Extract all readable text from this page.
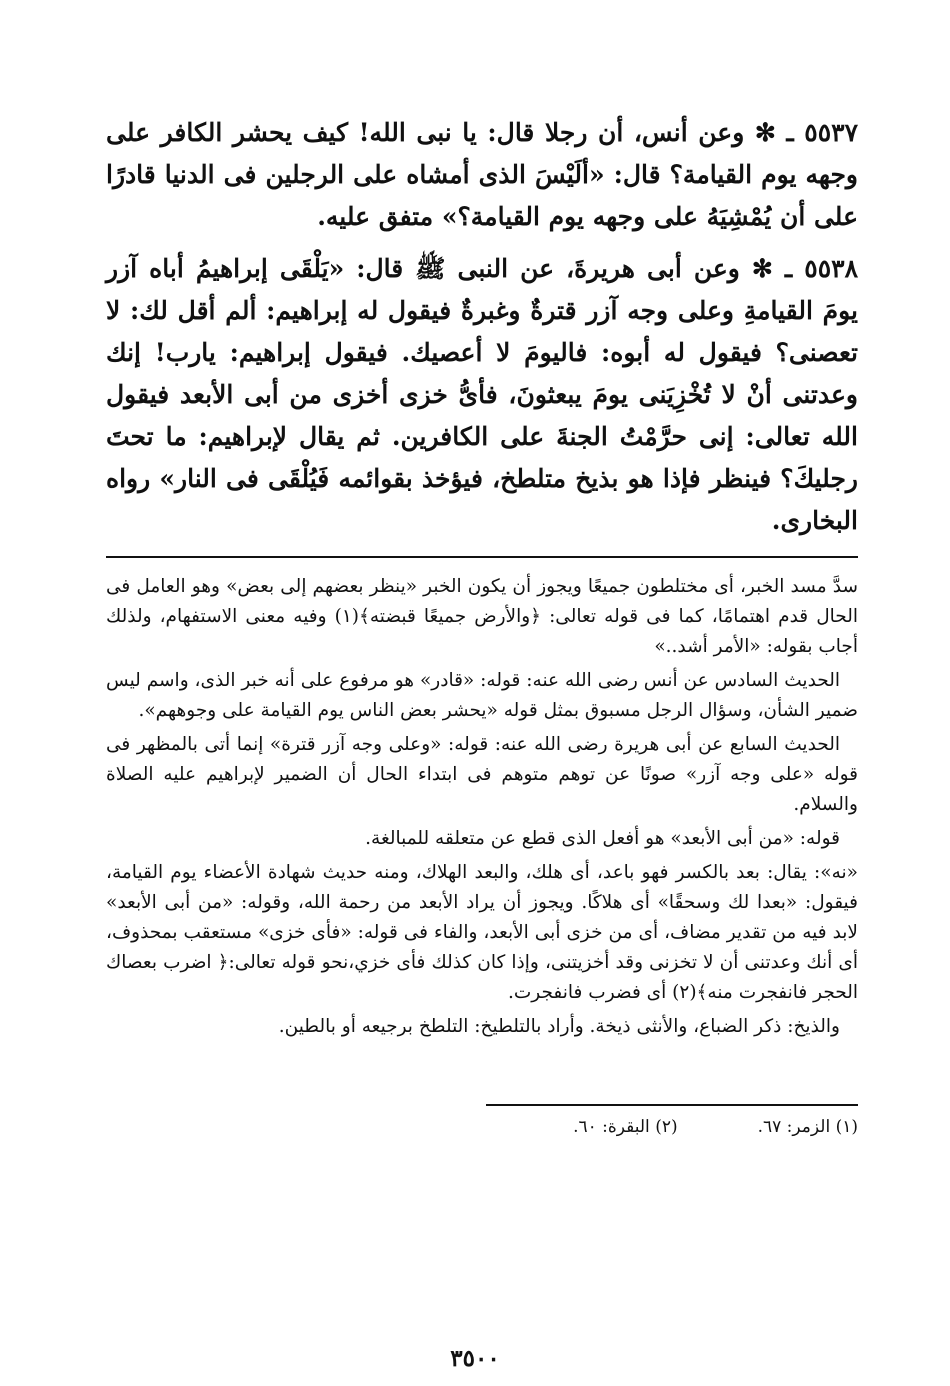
٥٥٣٧ ـ ✻ وعن أنس، أن رجلا قال: يا نبى الله! كيف يحشر الكافر على وجهه يوم القيامة؟ قال: «ألَيْسَ الذى أمشاه على الرجلين فى الدنيا قادرًا على أن يُمْشِيَهُ على وجهه يوم القيامة؟» متفق عليه.

٥٥٣٨ ـ ✻ وعن أبى هريرةَ، عن النبى ﷺ قال: «يَلْقَى إبراهيمُ أباه آزر يومَ القيامةِ وعلى وجه آزر قترةٌ وغبرةٌ فيقول له إبراهيم: ألم أقل لك: لا تعصنى؟ فيقول له أبوه: فاليومَ لا أعصيك. فيقول إبراهيم: يارب! إنك وعدتنى أنْ لا تُخْزِيَنى يومَ يبعثونَ، فأىُّ خزى أخزى من أبى الأبعد فيقول الله تعالى: إنى حرَّمْتُ الجنةَ على الكافرين. ثم يقال لإبراهيم: ما تحتَ رجليكَ؟ فينظر فإذا هو بذيخ متلطخ، فيؤخذ بقوائمه فَيُلْقَى فى النار» رواه البخارى.

سدَّ مسد الخبر، أى مختلطون جميعًا ويجوز أن يكون الخبر «ينظر بعضهم إلى بعض» وهو العامل فى الحال قدم اهتمامًا، كما فى قوله تعالى: ﴿والأرض جميعًا قبضته﴾(١) وفيه معنى الاستفهام، ولذلك أجاب بقوله: «الأمر أشد..»

الحديث السادس عن أنس رضى الله عنه: قوله: «قادر» هو مرفوع على أنه خبر الذى، واسم ليس ضمير الشأن، وسؤال الرجل مسبوق بمثل قوله «يحشر بعض الناس يوم القيامة على وجوههم».

الحديث السابع عن أبى هريرة رضى الله عنه: قوله: «وعلى وجه آزر قترة» إنما أتى بالمظهر فى قوله «على وجه آزر» صونًا عن توهم متوهم فى ابتداء الحال أن الضمير لإبراهيم عليه الصلاة والسلام.

قوله: «من أبى الأبعد» هو أفعل الذى قطع عن متعلقه للمبالغة.

«نه»: يقال: بعد بالكسر فهو باعد، أى هلك، والبعد الهلاك، ومنه حديث شهادة الأعضاء يوم القيامة، فيقول: «بعدا لك وسحقًا» أى هلاكًا. ويجوز أن يراد الأبعد من رحمة الله، وقوله: «من أبى الأبعد» لابد فيه من تقدير مضاف، أى من خزى أبى الأبعد، والفاء فى قوله: «فأى خزى» مستعقب بمحذوف، أى أنك وعدتنى أن لا تخزنى وقد أخزيتنى، وإذا كان كذلك فأى خزي،نحو قوله تعالى:﴿ اضرب بعصاك الحجر فانفجرت منه﴾(٢) أى فضرب فانفجرت.

والذيخ: ذكر الضباع، والأنثى ذيخة. وأراد بالتلطيخ: التلطخ برجيعه أو بالطين.

(١) الزمر: ٦٧.
(٢) البقرة: ٦٠.
٣٥٠٠
